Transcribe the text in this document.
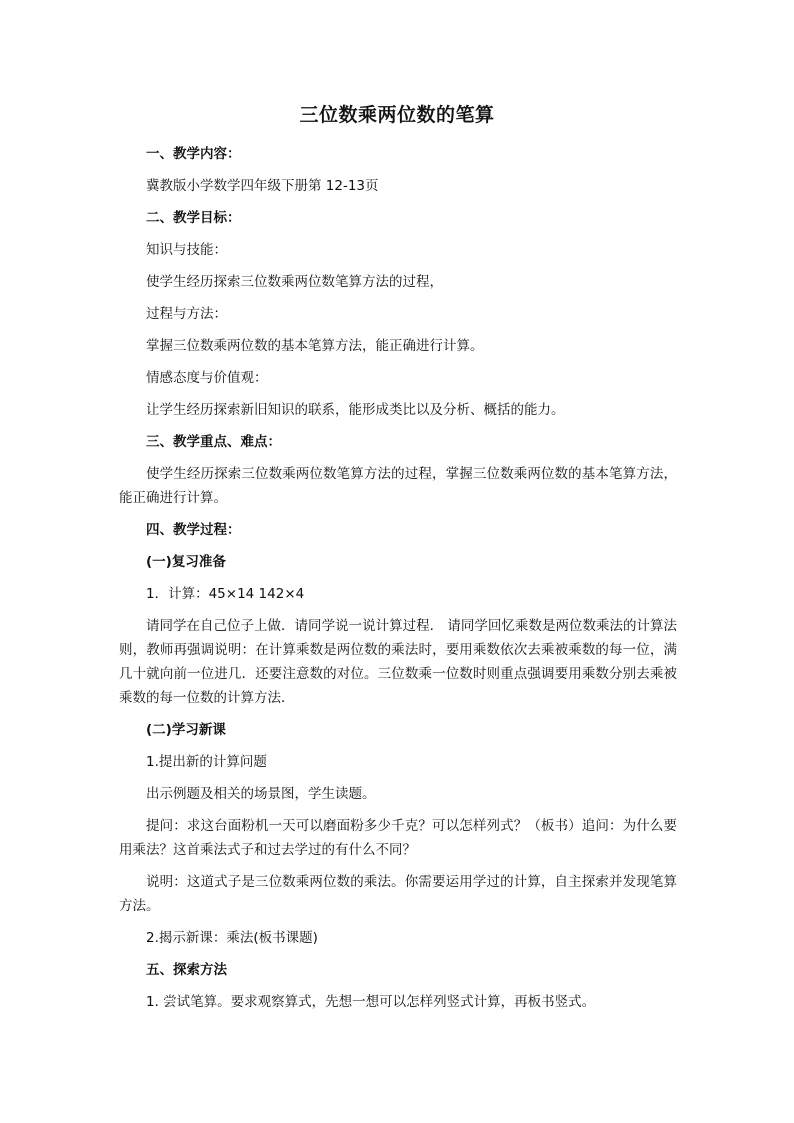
三位数乘两位数的笔算

一、教学内容：

冀教版小学数学四年级下册第 12-13页

二、教学目标：

知识与技能：

使学生经历探索三位数乘两位数笔算方法的过程，

过程与方法：

掌握三位数乘两位数的基本笔算方法，能正确进行计算。

情感态度与价值观：

让学生经历探索新旧知识的联系，能形成类比以及分析、概括的能力。

三、教学重点、难点：

使学生经历探索三位数乘两位数笔算方法的过程，掌握三位数乘两位数的基本笔算方法，能正确进行计算。

四、教学过程：

(一)复习准备

1．计算：45×14 142×4

请同学在自己位子上做．请同学说一说计算过程． 请同学回忆乘数是两位数乘法的计算法则，教师再强调说明：在计算乘数是两位数的乘法时，要用乘数依次去乘被乘数的每一位，满几十就向前一位进几．还要注意数的对位。三位数乘一位数时则重点强调要用乘数分别去乘被乘数的每一位数的计算方法．

(二)学习新课

1.提出新的计算问题

出示例题及相关的场景图，学生读题。

提问：求这台面粉机一天可以磨面粉多少千克？可以怎样列式？（板书）追问：为什么要用乘法？这首乘法式子和过去学过的有什么不同？

说明：这道式子是三位数乘两位数的乘法。你需要运用学过的计算，自主探索并发现笔算方法。

2.揭示新课：乘法(板书课题)

五、探索方法

1. 尝试笔算。要求观察算式，先想一想可以怎样列竖式计算，再板书竖式。
